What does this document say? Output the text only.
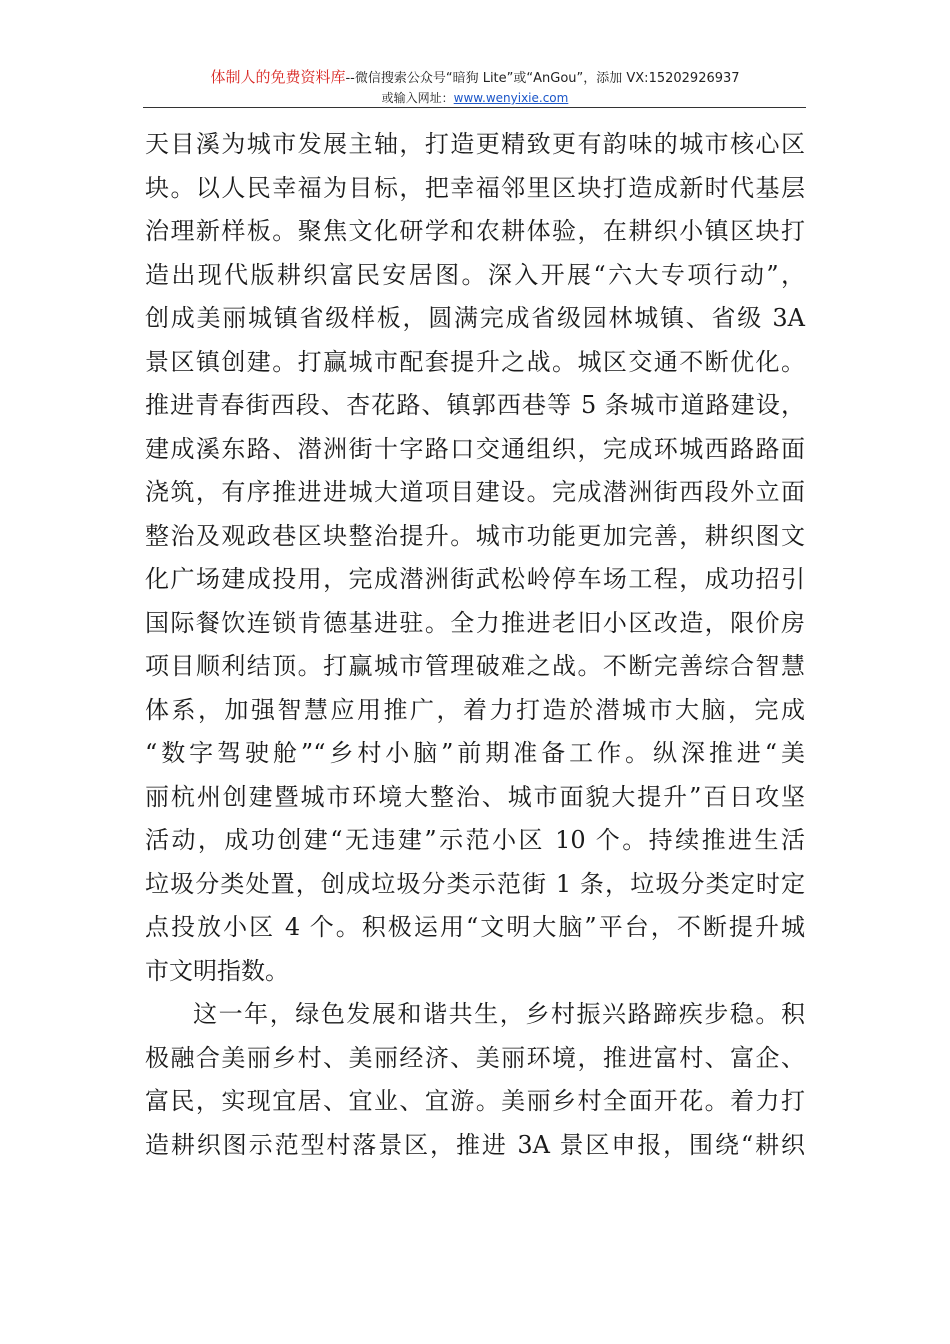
体制人的免费资料库--微信搜索公众号“暗狗 Lite”或“AnGou”，添加 VX:15202926937
或输入网址：www.wenyixie.com
天目溪为城市发展主轴，打造更精致更有韵味的城市核心区
块。以人民幸福为目标，把幸福邻里区块打造成新时代基层
治理新样板。聚焦文化研学和农耕体验，在耕织小镇区块打
造出现代版耕织富民安居图。深入开展“六大专项行动”，
创成美丽城镇省级样板，圆满完成省级园林城镇、省级 3A
景区镇创建。打赢城市配套提升之战。城区交通不断优化。
推进青春街西段、杏花路、镇郭西巷等 5 条城市道路建设，
建成溪东路、潜洲街十字路口交通组织，完成环城西路路面
浇筑，有序推进进城大道项目建设。完成潜洲街西段外立面
整治及观政巷区块整治提升。城市功能更加完善，耕织图文
化广场建成投用，完成潜洲街武松岭停车场工程，成功招引
国际餐饮连锁肯德基进驻。全力推进老旧小区改造，限价房
项目顺利结顶。打赢城市管理破难之战。不断完善综合智慧
体系，加强智慧应用推广，着力打造於潜城市大脑，完成
“数字驾驶舱”“乡村小脑”前期准备工作。纵深推进“美
丽杭州创建暨城市环境大整治、城市面貌大提升”百日攻坚
活动，成功创建“无违建”示范小区 10 个。持续推进生活
垃圾分类处置，创成垃圾分类示范街 1 条，垃圾分类定时定
点投放小区 4 个。积极运用“文明大脑”平台，不断提升城
市文明指数。
这一年，绿色发展和谐共生，乡村振兴路蹄疾步稳。积
极融合美丽乡村、美丽经济、美丽环境，推进富村、富企、
富民，实现宜居、宜业、宜游。美丽乡村全面开花。着力打
造耕织图示范型村落景区，推进 3A 景区申报，围绕“耕织
